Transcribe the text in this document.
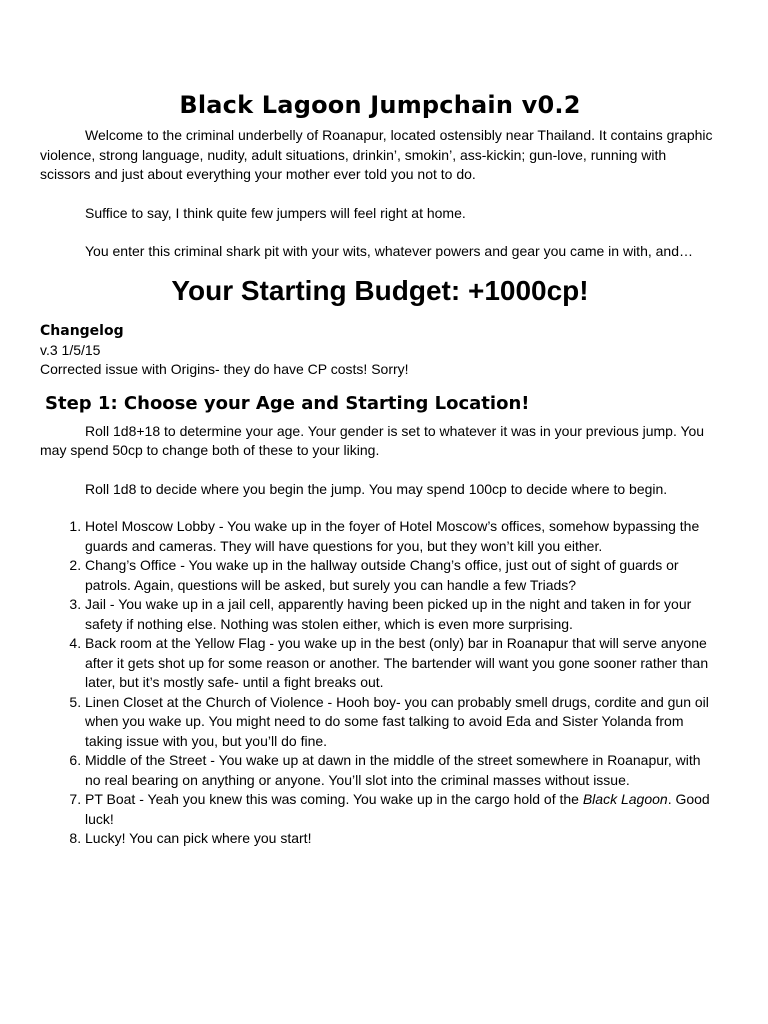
Black Lagoon Jumpchain v0.2

Welcome to the criminal underbelly of Roanapur, located ostensibly near Thailand. It contains graphic violence, strong language, nudity, adult situations, drinkin’, smokin’, ass-kickin; gun-love, running with scissors and just about everything your mother ever told you not to do.

Suffice to say, I think quite few jumpers will feel right at home.

You enter this criminal shark pit with your wits, whatever powers and gear you came in with, and…

Your Starting Budget: +1000cp!
Changelog

v.3 1/5/15

Corrected issue with Origins- they do have CP costs! Sorry!

Step 1: Choose your Age and Starting Location!

Roll 1d8+18 to determine your age. Your gender is set to whatever it was in your previous jump. You may spend 50cp to change both of these to your liking.

Roll 1d8 to decide where you begin the jump. You may spend 100cp to decide where to begin.

1. Hotel Moscow Lobby - You wake up in the foyer of Hotel Moscow’s offices, somehow bypassing the guards and cameras. They will have questions for you, but they won’t kill you either.
2. Chang’s Office - You wake up in the hallway outside Chang’s office, just out of sight of guards or patrols. Again, questions will be asked, but surely you can handle a few Triads?
3. Jail - You wake up in a jail cell, apparently having been picked up in the night and taken in for your safety if nothing else. Nothing was stolen either, which is even more surprising.
4. Back room at the Yellow Flag - you wake up in the best (only) bar in Roanapur that will serve anyone after it gets shot up for some reason or another. The bartender will want you gone sooner rather than later, but it’s mostly safe- until a fight breaks out.
5. Linen Closet at the Church of Violence - Hooh boy- you can probably smell drugs, cordite and gun oil when you wake up. You might need to do some fast talking to avoid Eda and Sister Yolanda from taking issue with you, but you’ll do fine.
6. Middle of the Street - You wake up at dawn in the middle of the street somewhere in Roanapur, with no real bearing on anything or anyone. You’ll slot into the criminal masses without issue.
7. PT Boat - Yeah you knew this was coming. You wake up in the cargo hold of the Black Lagoon. Good luck!
8. Lucky! You can pick where you start!
